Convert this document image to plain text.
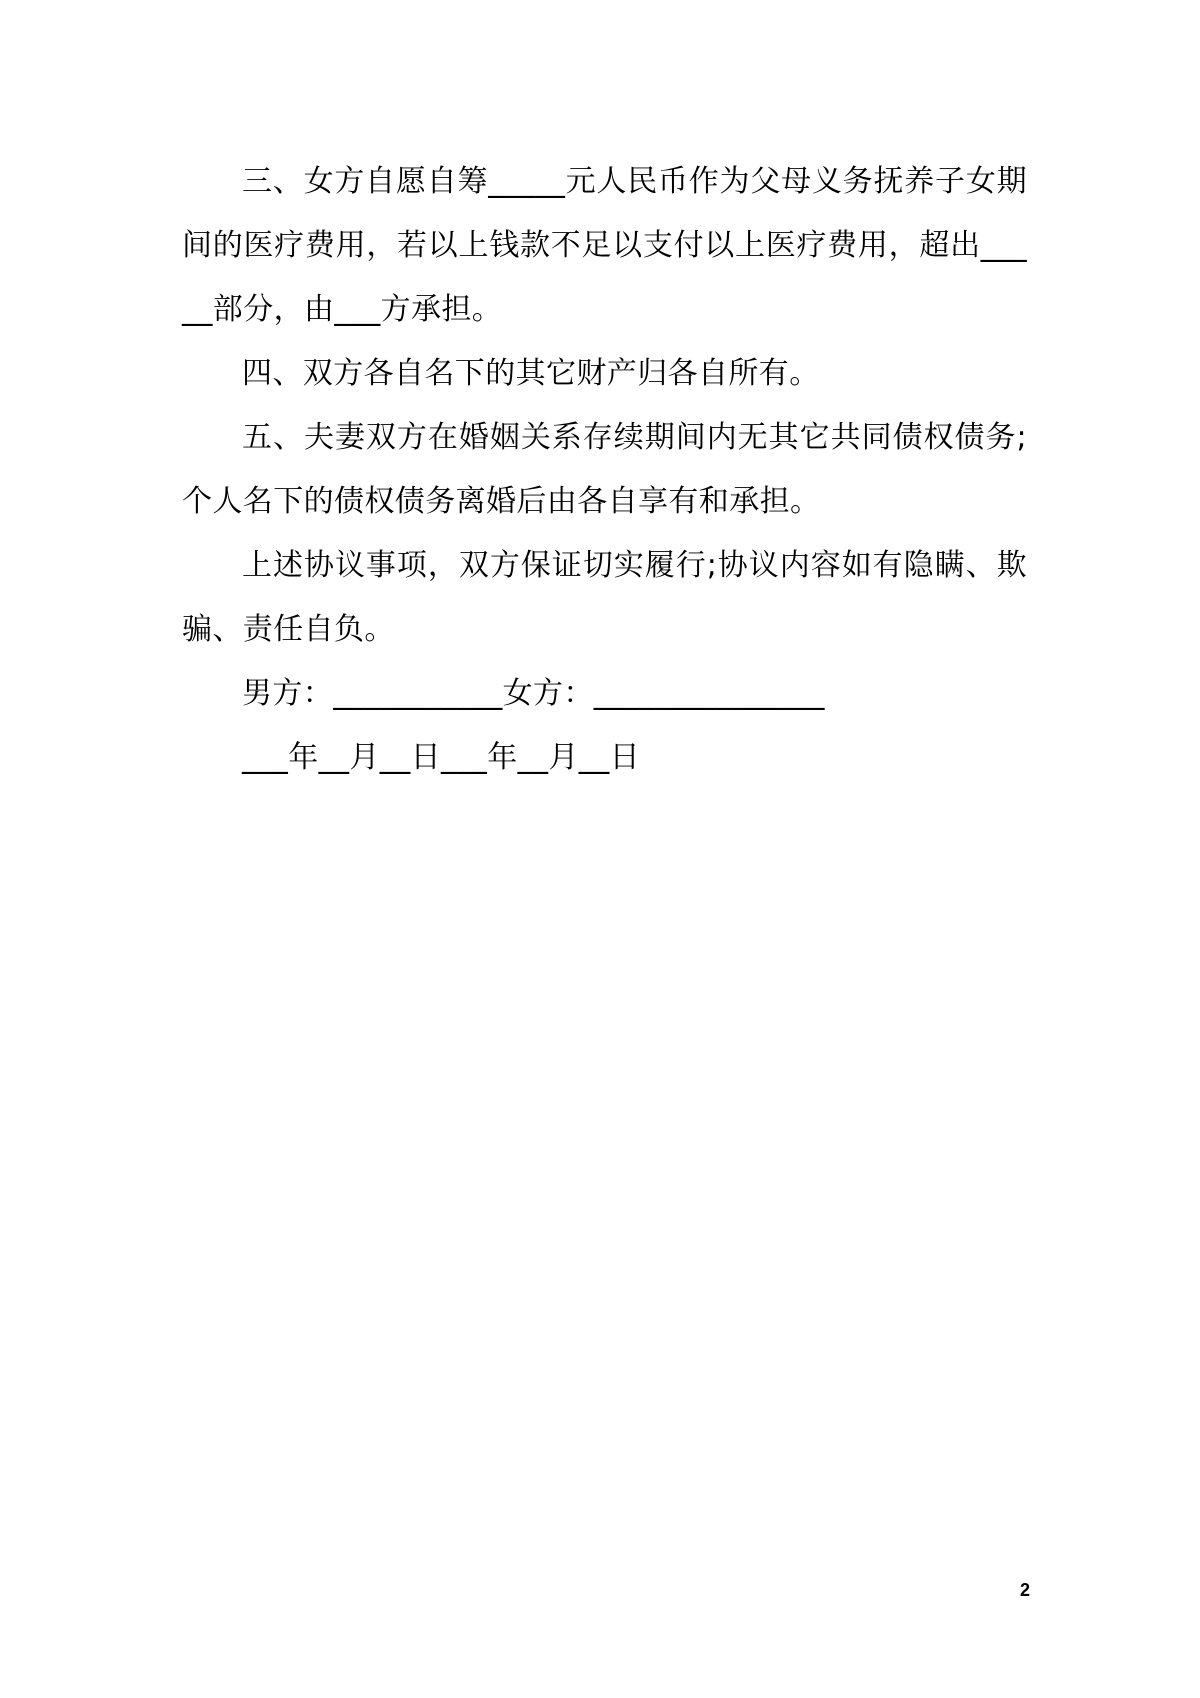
三、女方自愿自筹_____元人民币作为父母义务抚养子女期间的医疗费用，若以上钱款不足以支付以上医疗费用，超出_____部分，由___方承担。

四、双方各自名下的其它财产归各自所有。

五、夫妻双方在婚姻关系存续期间内无其它共同债权债务;个人名下的债权债务离婚后由各自享有和承担。

上述协议事项，双方保证切实履行;协议内容如有隐瞒、欺骗、责任自负。

男方：___________女方：_______________

___年__月__日___年__月__日

2
